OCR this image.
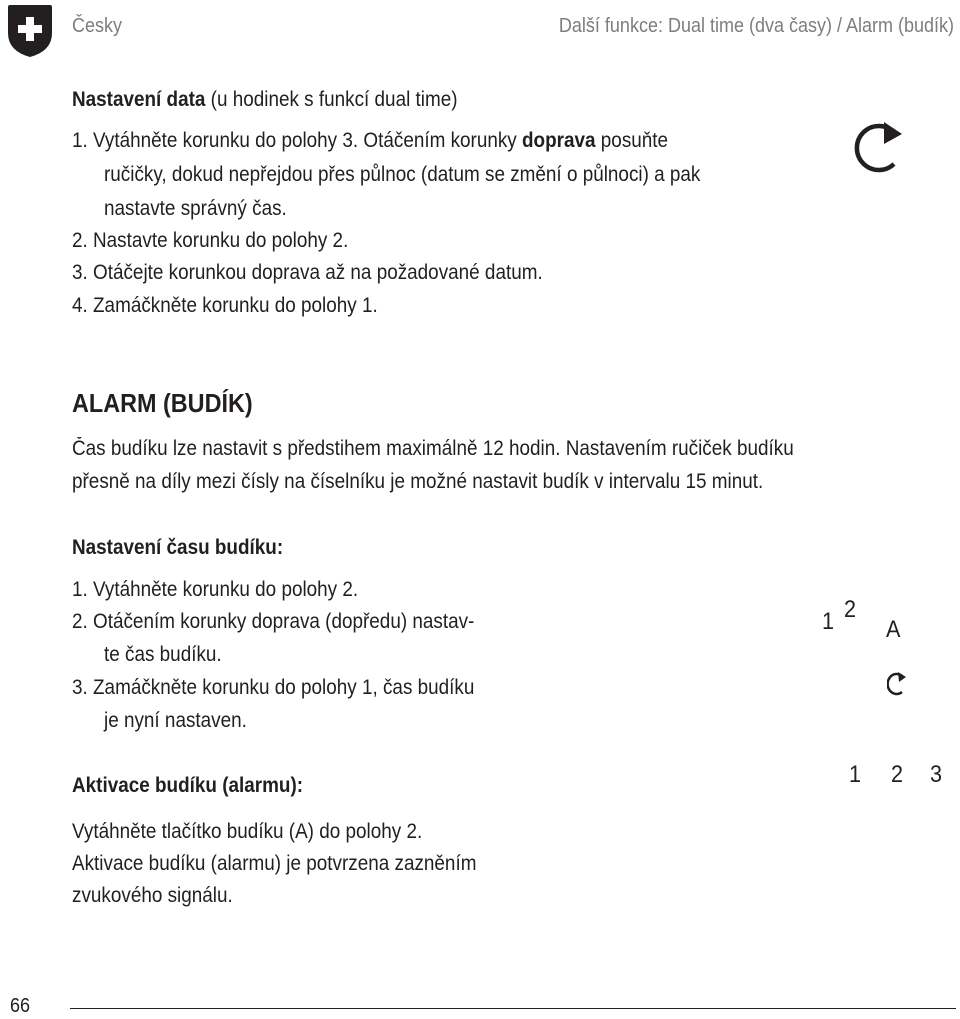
Česky	Další funkce: Dual time (dva časy) / Alarm (budík)
Nastavení data (u hodinek s funkcí dual time)
1. Vytáhněte korunku do polohy 3. Otáčením korunky doprava posuňte
ručičky, dokud nepřejdou přes půlnoc (datum se změní o půlnoci) a pak
nastavte správný čas.
2. Nastavte korunku do polohy 2.
3. Otáčejte korunkou doprava až na požadované datum.
4. Zamáčkněte korunku do polohy 1.
ALARM (BUDÍK)
Čas budíku lze nastavit s předstihem maximálně 12 hodin. Nastavením ručiček budíku
přesně na díly mezi čísly na číselníku je možné nastavit budík v intervalu 15 minut.
Nastavení času budíku:
1. Vytáhněte korunku do polohy 2.
2. Otáčením korunky doprava (dopředu) nastav-
te čas budíku.
3. Zamáčkněte korunku do polohy 1, čas budíku
je nyní nastaven.
Aktivace budíku (alarmu):
Vytáhněte tlačítko budíku (A) do polohy 2.
Aktivace budíku (alarmu) je potvrzena zazněním
zvukového signálu.
1 2
A
1 2 3
66
